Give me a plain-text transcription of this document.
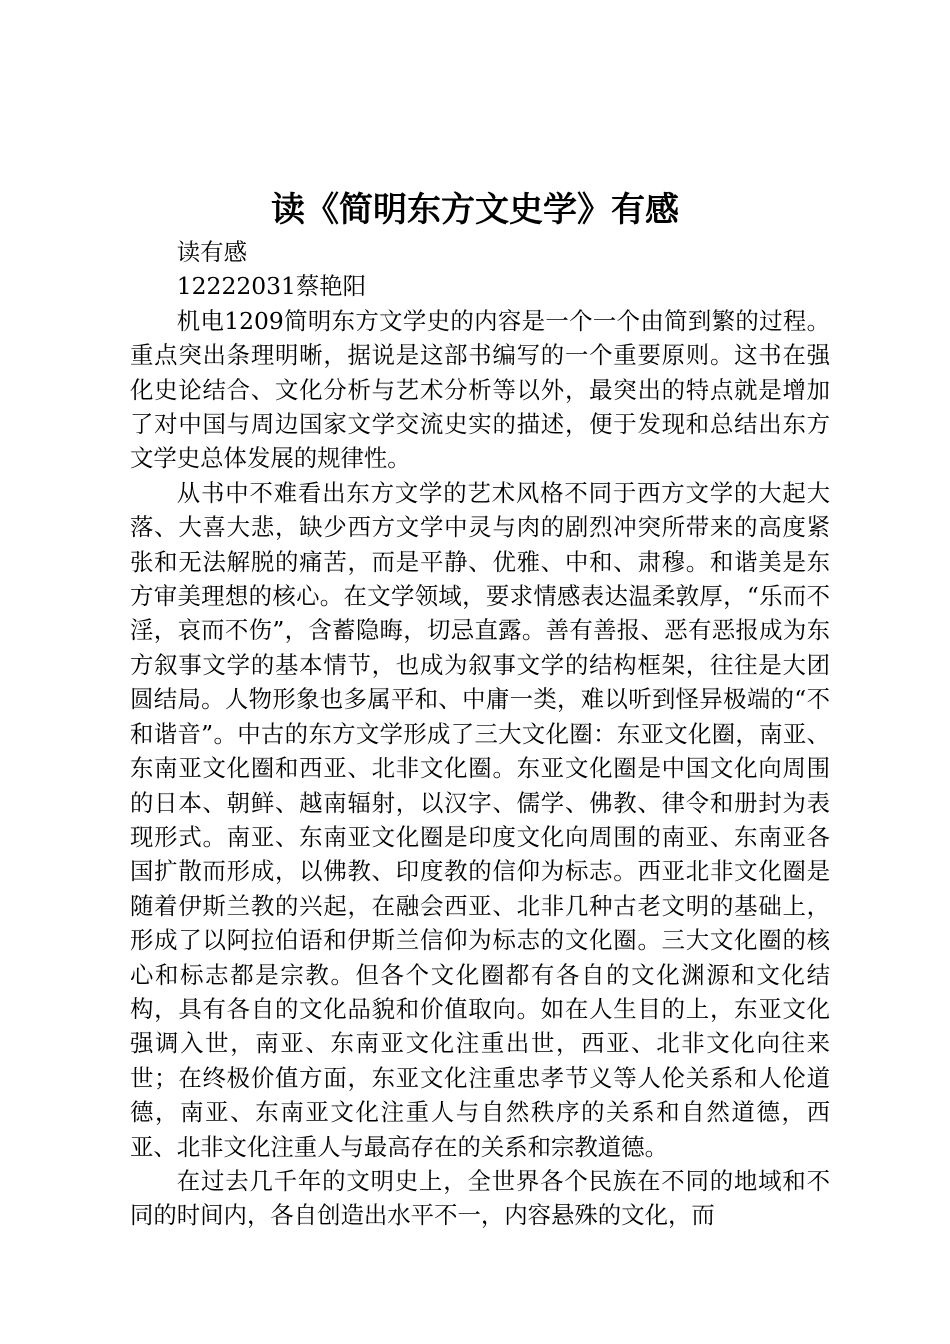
读《简明东方文史学》有感

读有感

12222031蔡艳阳

机电1209简明东方文学史的内容是一个一个由简到繁的过程。重点突出条理明晰，据说是这部书编写的一个重要原则。这书在强化史论结合、文化分析与艺术分析等以外，最突出的特点就是增加了对中国与周边国家文学交流史实的描述，便于发现和总结出东方文学史总体发展的规律性。

从书中不难看出东方文学的艺术风格不同于西方文学的大起大落、大喜大悲，缺少西方文学中灵与肉的剧烈冲突所带来的高度紧张和无法解脱的痛苦，而是平静、优雅、中和、肃穆。和谐美是东方审美理想的核心。在文学领域，要求情感表达温柔敦厚，“乐而不淫，哀而不伤”，含蓄隐晦，切忌直露。善有善报、恶有恶报成为东方叙事文学的基本情节，也成为叙事文学的结构框架，往往是大团圆结局。人物形象也多属平和、中庸一类，难以听到怪异极端的“不和谐音”。中古的东方文学形成了三大文化圈：东亚文化圈，南亚、东南亚文化圈和西亚、北非文化圈。东亚文化圈是中国文化向周围的日本、朝鲜、越南辐射，以汉字、儒学、佛教、律令和册封为表现形式。南亚、东南亚文化圈是印度文化向周围的南亚、东南亚各国扩散而形成，以佛教、印度教的信仰为标志。西亚北非文化圈是随着伊斯兰教的兴起，在融会西亚、北非几种古老文明的基础上，形成了以阿拉伯语和伊斯兰信仰为标志的文化圈。三大文化圈的核心和标志都是宗教。但各个文化圈都有各自的文化渊源和文化结构，具有各自的文化品貌和价值取向。如在人生目的上，东亚文化强调入世，南亚、东南亚文化注重出世，西亚、北非文化向往来世；在终极价值方面，东亚文化注重忠孝节义等人伦关系和人伦道德，南亚、东南亚文化注重人与自然秩序的关系和自然道德，西亚、北非文化注重人与最高存在的关系和宗教道德。

在过去几千年的文明史上，全世界各个民族在不同的地域和不同的时间内，各自创造出水平不一，内容悬殊的文化，而
